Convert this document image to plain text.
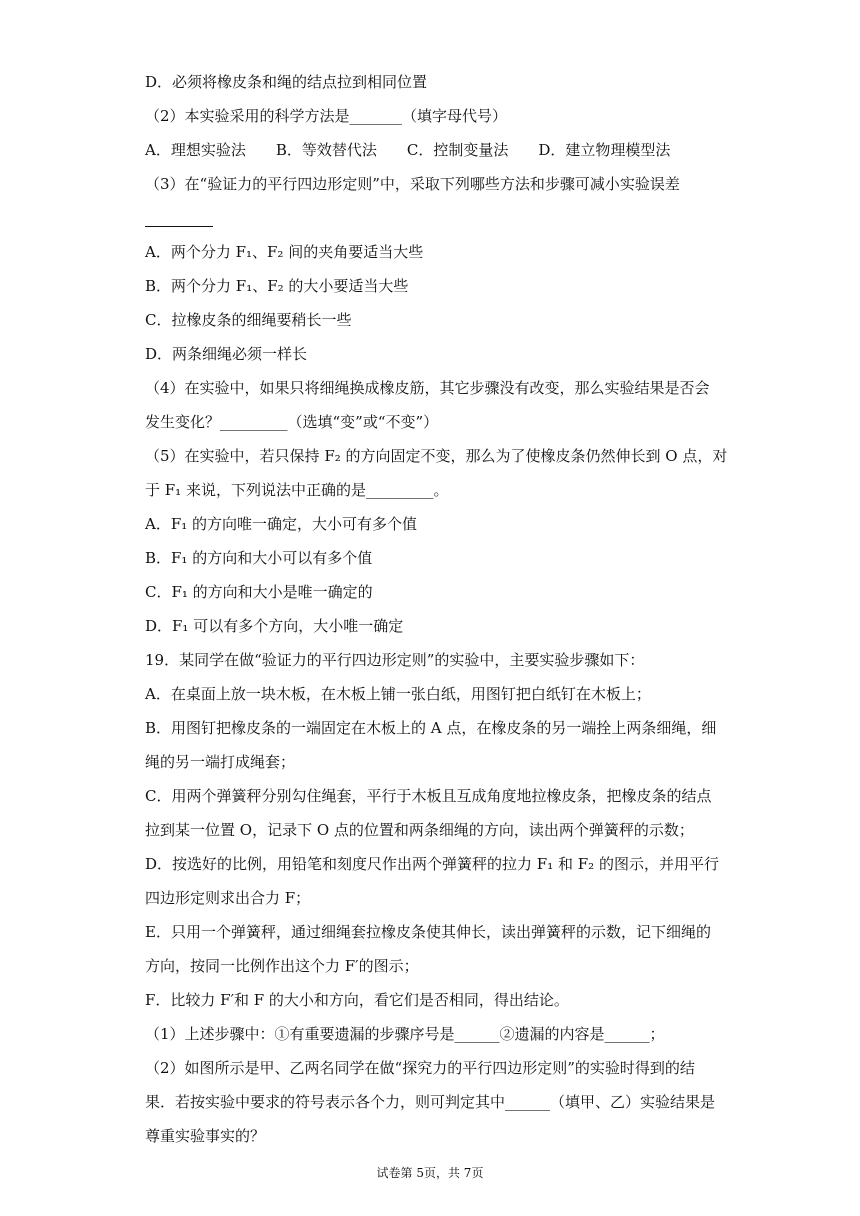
D．必须将橡皮条和绳的结点拉到相同位置
（2）本实验采用的科学方法是_______（填字母代号）
A．理想实验法　　B．等效替代法　　C．控制变量法　　D．建立物理模型法
（3）在“验证力的平行四边形定则”中，采取下列哪些方法和步骤可减小实验误差
A．两个分力 F₁、F₂ 间的夹角要适当大些
B．两个分力 F₁、F₂ 的大小要适当大些
C．拉橡皮条的细绳要稍长一些
D．两条细绳必须一样长
（4）在实验中，如果只将细绳换成橡皮筋，其它步骤没有改变，那么实验结果是否会
发生变化？_________（选填“变”或“不变”）
（5）在实验中，若只保持 F₂ 的方向固定不变，那么为了使橡皮条仍然伸长到 O 点，对
于 F₁ 来说，下列说法中正确的是_________。
A．F₁ 的方向唯一确定，大小可有多个值
B．F₁ 的方向和大小可以有多个值
C．F₁ 的方向和大小是唯一确定的
D．F₁ 可以有多个方向，大小唯一确定
19．某同学在做“验证力的平行四边形定则”的实验中，主要实验步骤如下：
A．在桌面上放一块木板，在木板上铺一张白纸，用图钉把白纸钉在木板上；
B．用图钉把橡皮条的一端固定在木板上的 A 点，在橡皮条的另一端拴上两条细绳，细
绳的另一端打成绳套；
C．用两个弹簧秤分别勾住绳套，平行于木板且互成角度地拉橡皮条，把橡皮条的结点
拉到某一位置 O，记录下 O 点的位置和两条细绳的方向，读出两个弹簧秤的示数；
D．按选好的比例，用铅笔和刻度尺作出两个弹簧秤的拉力 F₁ 和 F₂ 的图示，并用平行
四边形定则求出合力 F；
E．只用一个弹簧秤，通过细绳套拉橡皮条使其伸长，读出弹簧秤的示数，记下细绳的
方向，按同一比例作出这个力 F′的图示；
F．比较力 F′和 F 的大小和方向，看它们是否相同，得出结论。
（1）上述步骤中：①有重要遗漏的步骤序号是______②遗漏的内容是______；
（2）如图所示是甲、乙两名同学在做“探究力的平行四边形定则”的实验时得到的结
果．若按实验中要求的符号表示各个力，则可判定其中______（填甲、乙）实验结果是
尊重实验事实的？
试卷第 5页，共 7页
